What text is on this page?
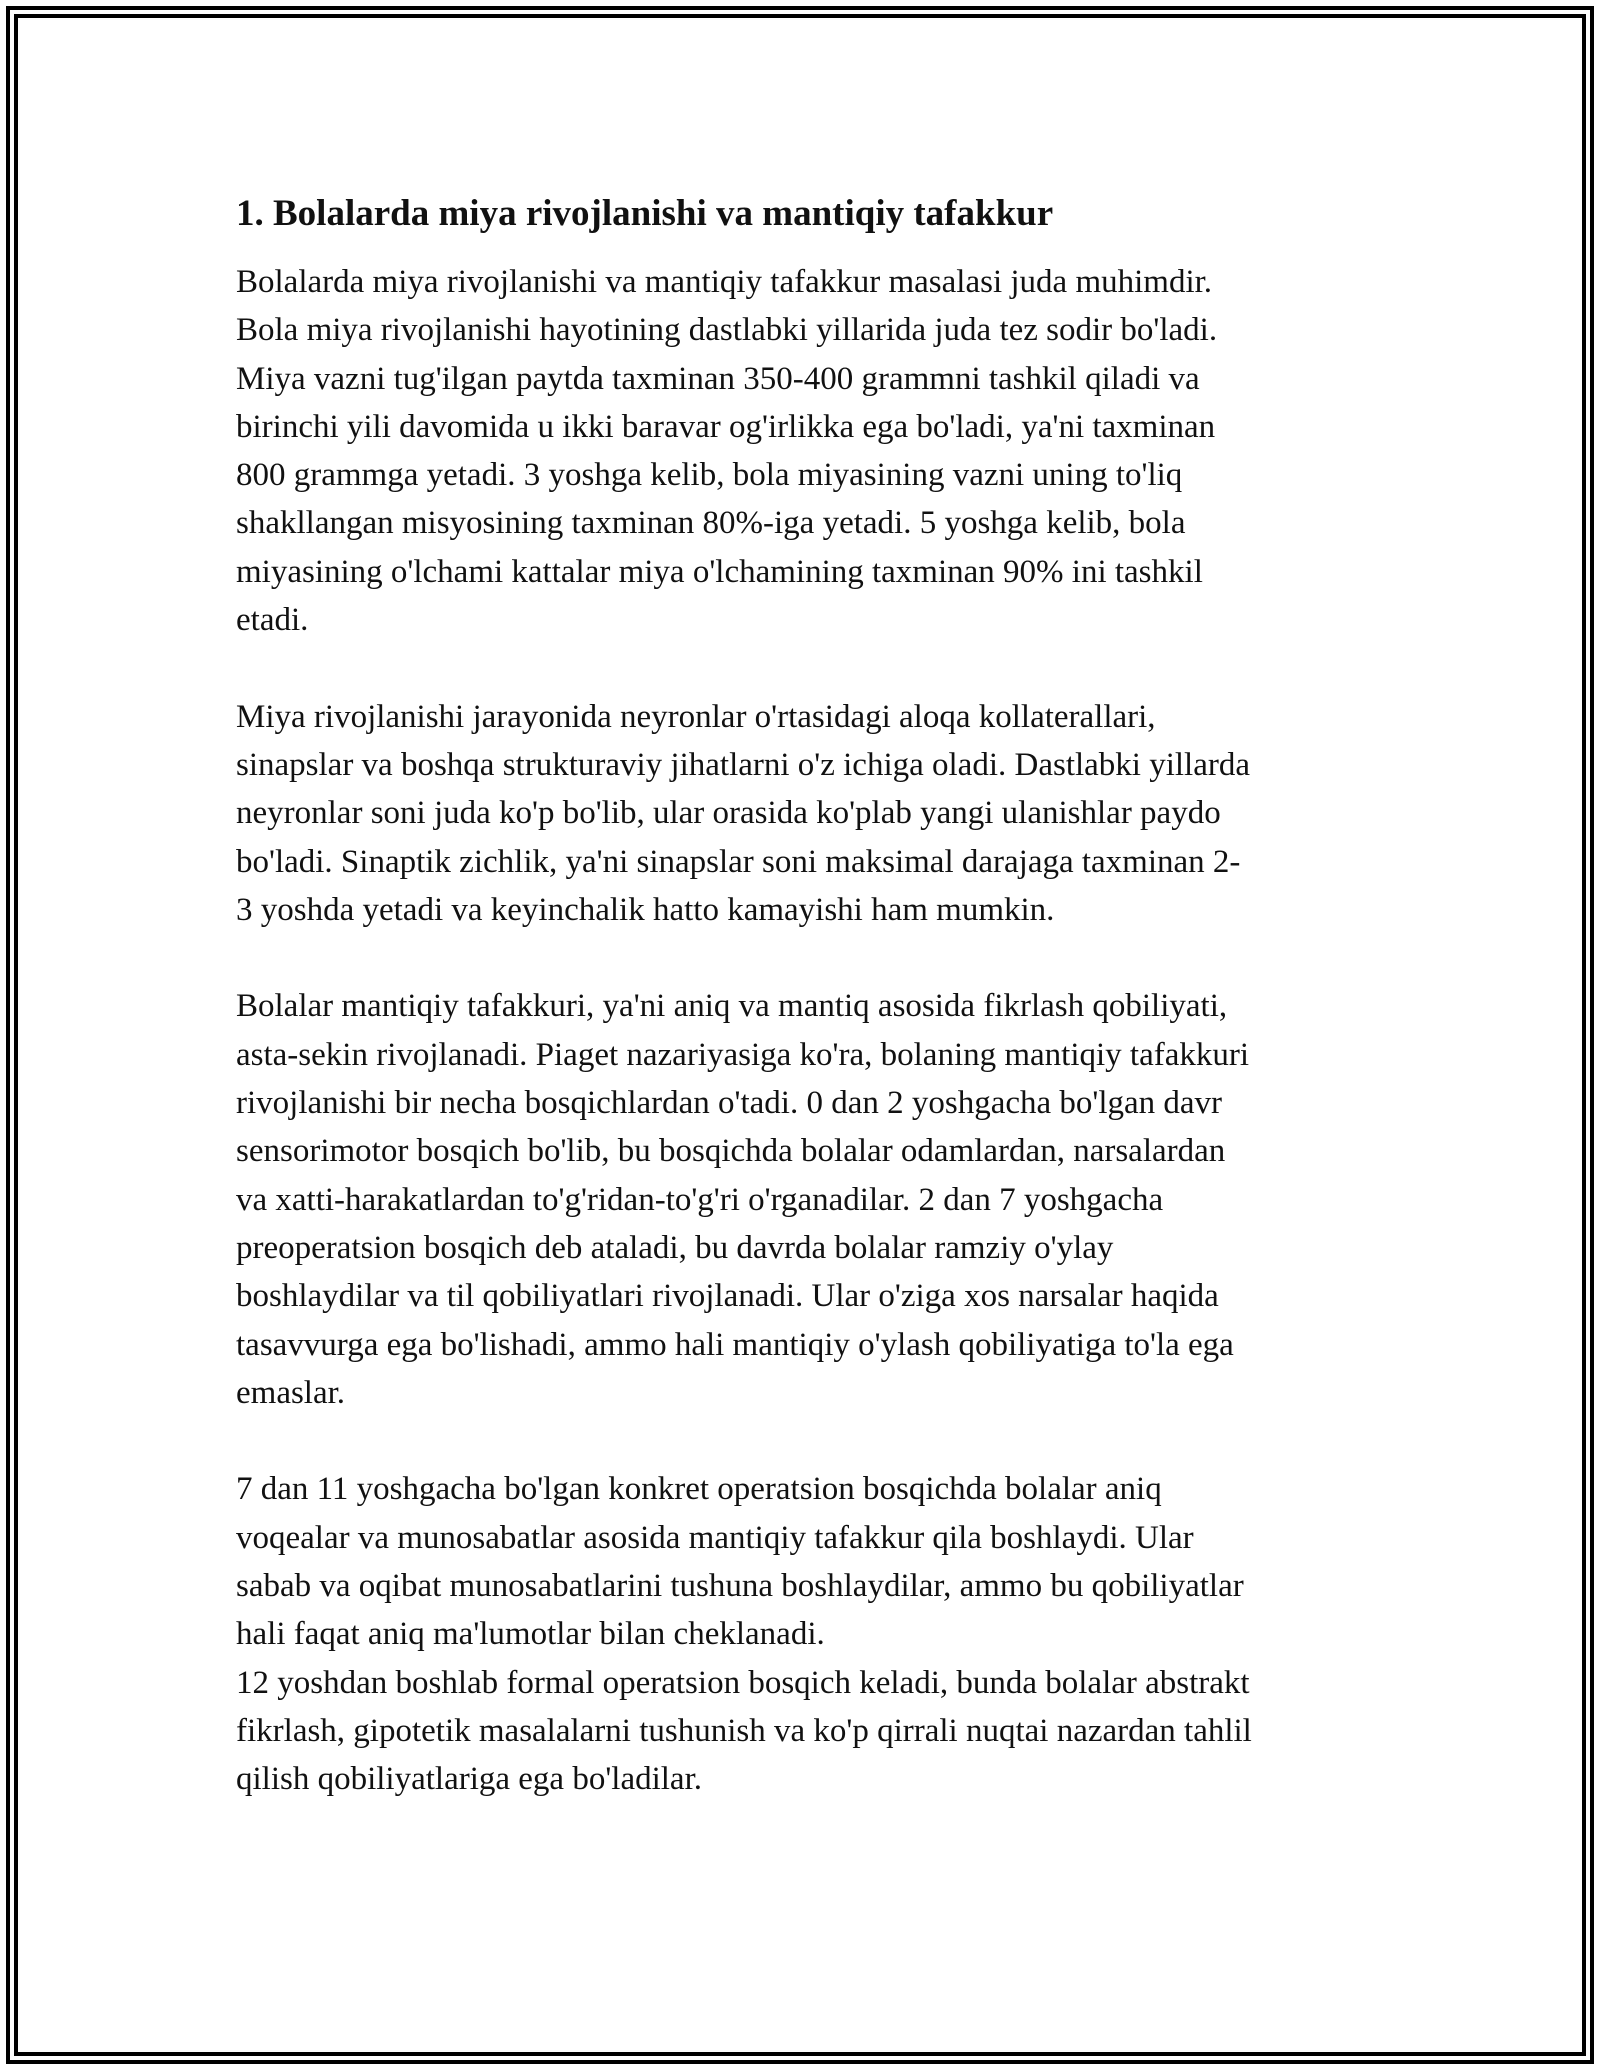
1. Bolalarda miya rivojlanishi va mantiqiy tafakkur

Bolalarda miya rivojlanishi va mantiqiy tafakkur masalasi juda muhimdir.
Bola miya rivojlanishi hayotining dastlabki yillarida juda tez sodir bo'ladi.
Miya vazni tug'ilgan paytda taxminan 350-400 grammni tashkil qiladi va
birinchi yili davomida u ikki baravar og'irlikka ega bo'ladi, ya'ni taxminan
800 grammga yetadi. 3 yoshga kelib, bola miyasining vazni uning to'liq
shakllangan misyosining taxminan 80%-iga yetadi. 5 yoshga kelib, bola
miyasining o'lchami kattalar miya o'lchamining taxminan 90% ini tashkil
etadi.

Miya rivojlanishi jarayonida neyronlar o'rtasidagi aloqa kollaterallari,
sinapslar va boshqa strukturaviy jihatlarni o'z ichiga oladi. Dastlabki yillarda
neyronlar soni juda ko'p bo'lib, ular orasida ko'plab yangi ulanishlar paydo
bo'ladi. Sinaptik zichlik, ya'ni sinapslar soni maksimal darajaga taxminan 2-
3 yoshda yetadi va keyinchalik hatto kamayishi ham mumkin.

Bolalar mantiqiy tafakkuri, ya'ni aniq va mantiq asosida fikrlash qobiliyati,
asta-sekin rivojlanadi. Piaget nazariyasiga ko'ra, bolaning mantiqiy tafakkuri
rivojlanishi bir necha bosqichlardan o'tadi. 0 dan 2 yoshgacha bo'lgan davr
sensorimotor bosqich bo'lib, bu bosqichda bolalar odamlardan, narsalardan
va xatti-harakatlardan to'g'ridan-to'g'ri o'rganadilar. 2 dan 7 yoshgacha
preoperatsion bosqich deb ataladi, bu davrda bolalar ramziy o'ylay
boshlaydilar va til qobiliyatlari rivojlanadi. Ular o'ziga xos narsalar haqida
tasavvurga ega bo'lishadi, ammo hali mantiqiy o'ylash qobiliyatiga to'la ega
emaslar.

7 dan 11 yoshgacha bo'lgan konkret operatsion bosqichda bolalar aniq
voqealar va munosabatlar asosida mantiqiy tafakkur qila boshlaydi. Ular
sabab va oqibat munosabatlarini tushuna boshlaydilar, ammo bu qobiliyatlar
hali faqat aniq ma'lumotlar bilan cheklanadi.
12 yoshdan boshlab formal operatsion bosqich keladi, bunda bolalar abstrakt
fikrlash, gipotetik masalalarni tushunish va ko'p qirrali nuqtai nazardan tahlil
qilish qobiliyatlariga ega bo'ladilar.
